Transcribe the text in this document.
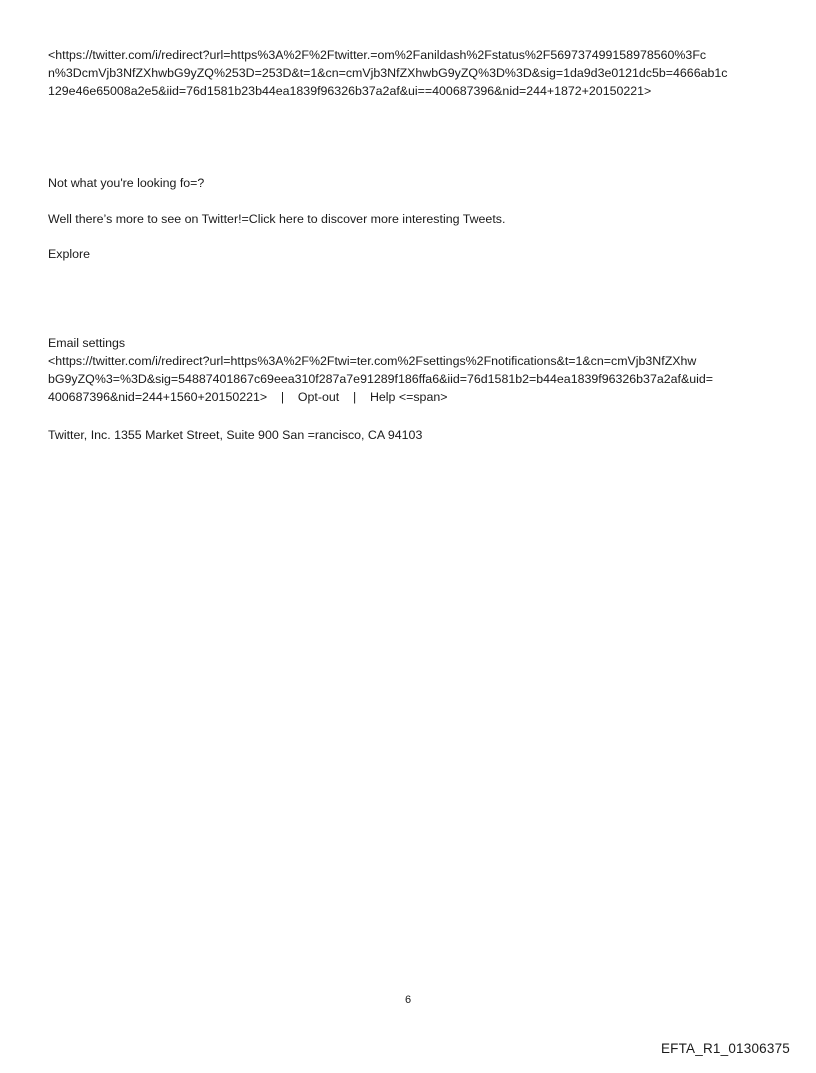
<https://twitter.com/i/redirect?url=https%3A%2F%2Ftwitter.=om%2Fanildash%2Fstatus%2F569737499158978560%3Fc

n%3DcmVjb3NfZXhwbG9yZQ%253D=253D&t=1&cn=cmVjb3NfZXhwbG9yZQ%3D%3D&sig=1da9d3e0121dc5b=4666ab1c

129e46e65008a2e5&iid=76d1581b23b44ea1839f96326b37a2af&ui==400687396&nid=244+1872+20150221>

Not what you're looking fo=?

Well there’s more to see on Twitter!=Click here to discover more interesting Tweets.

Explore

Email settings

<https://twitter.com/i/redirect?url=https%3A%2F%2Ftwi=ter.com%2Fsettings%2Fnotifications&t=1&cn=cmVjb3NfZXhw

bG9yZQ%3=%3D&sig=54887401867c69eea310f287a7e91289f186ffa6&iid=76d1581b2=b44ea1839f96326b37a2af&uid=

400687396&nid=244+1560+20150221>    |    Opt-out    |    Help <=span>

Twitter, Inc. 1355 Market Street, Suite 900 San =rancisco, CA 94103

6
EFTA_R1_01306375
